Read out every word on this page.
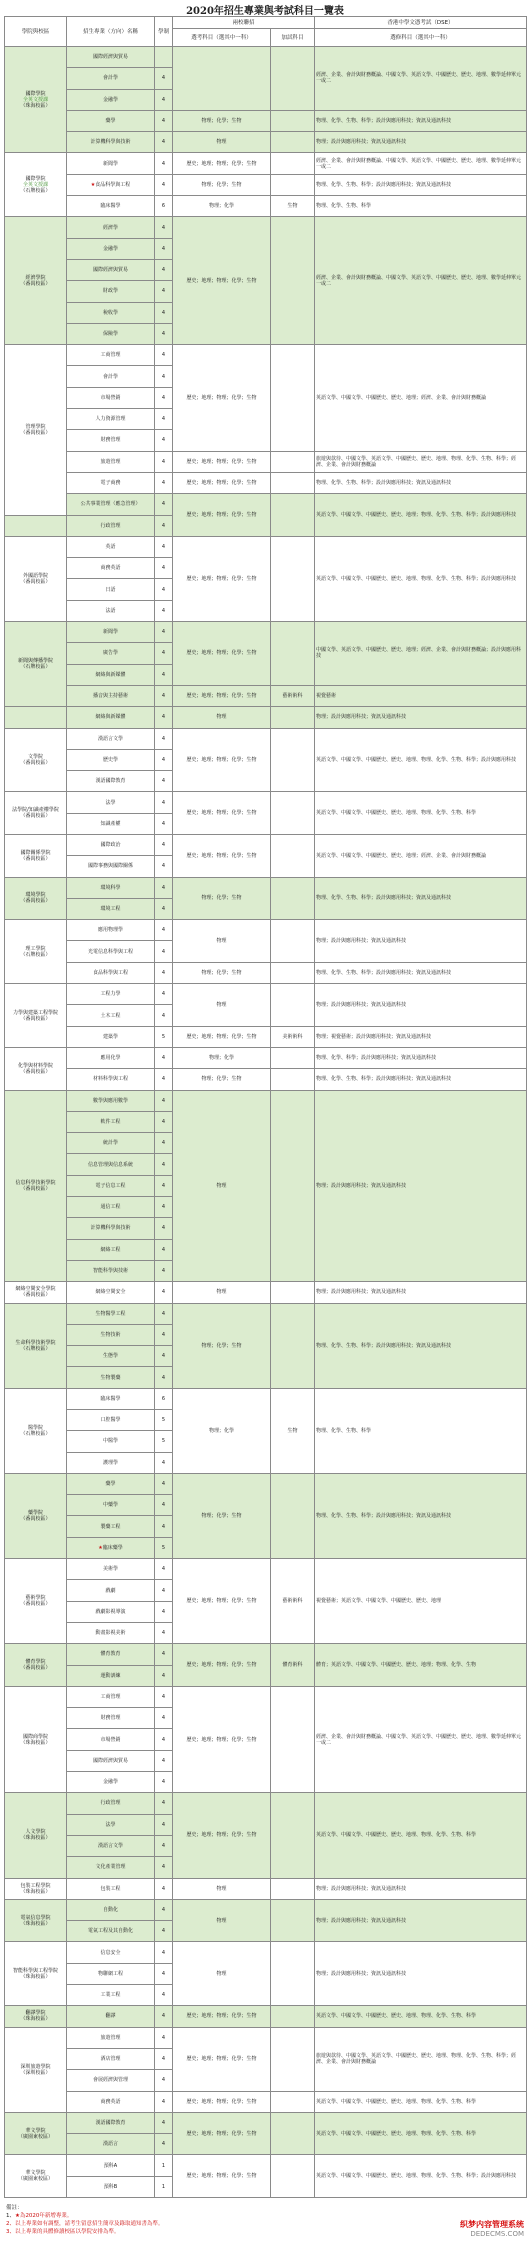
2020年招生專業與考試科目一覽表
學院與校區	招生專業（方向）名稱	學制	兩校聯招		香港中學文憑考試（DSE）
			選考科目（選其中一科）	加試科目	選修科目（選其中一科）
國際學院
全英文授課
（珠海校區）	國際經濟與貿易				經濟、企業、會計與財務概論、中國文學、英語文學、中國歷史、歷史、地理、數學延伸單元一或二
	會計學	4			
	金融學	4			
	藥學	4	物理；化學；生物		物理、化學、生物、科學；設計與應用科技；資訊及通訊科技
	計算機科學與技術	4	物理		物理；設計與應用科技；資訊及通訊科技
國際學院
全英文授課
（石牌校區）	新聞學	4	歷史；地理；物理；化學；生物		經濟、企業、會計與財務概論、中國文學、英語文學、中國歷史、歷史、地理、數學延伸單元一或二
	★食品科學與工程	4	物理；化學；生物		物理、化學、生物、科學；設計與應用科技；資訊及通訊科技
	臨床醫學	6	物理；化學	生物	物理、化學、生物、科學
經濟學院
（番禺校區）	經濟學	4	歷史；地理；物理；化學；生物		經濟、企業、會計與財務概論、中國文學、英語文學、中國歷史、歷史、地理、數學延伸單元一或二
	金融學	4			
	國際經濟與貿易	4			
	財政學	4			
	稅收學	4			
	保險學	4			
管理學院
（番禺校區）	工商管理	4	歷史；地理；物理；化學；生物		英語文學、中國文學、中國歷史、歷史、地理；經濟、企業、會計與財務概論
	會計學	4			
	市場營銷	4			
	人力資源管理	4			
	財務管理	4			
	旅遊管理	4	歷史；地理；物理；化學；生物		旅遊與款待、中國文學、英語文學、中國歷史、歷史、地理、物理、化學、生物、科學；經濟、企業、會計與財務概論
	電子商務	4	歷史；地理；物理；化學；生物		物理、化學、生物、科學；設計與應用科技；資訊及通訊科技
	公共事業管理（應急管理）	4	歷史；地理；物理；化學；生物		英語文學、中國文學、中國歷史、歷史、地理；物理、化學、生物、科學；設計與應用科技
	行政管理	4			
外國語學院
（番禺校區）	英語	4	歷史；地理；物理；化學；生物		英語文學、中國文學、中國歷史、歷史、地理、物理、化學、生物、科學；設計與應用科技
	商務英語	4			
	日語	4			
	法語	4			
新聞與傳播學院
（石牌校區）	新聞學	4	歷史；地理；物理；化學；生物		中國文學、英語文學、中國歷史、歷史、地理；經濟、企業、會計與財務概論；設計與應用科技
	廣告學	4			
	網絡與新媒體	4			
	播音與主持藝術	4	歷史；地理；物理；化學；生物	藝術術科	視覺藝術
	網絡與新媒體	4	物理		物理；設計與應用科技；資訊及通訊科技
文學院
（番禺校區）	漢語言文學	4	歷史；地理；物理；化學；生物		英語文學、中國文學、中國歷史、歷史、地理、物理、化學、生物、科學；設計與應用科技
	歷史學	4			
	漢語國際教育	4			
法學院/知識產權學院
（番禺校區）	法學	4	歷史；地理；物理；化學；生物		英語文學、中國文學、中國歷史、歷史、地理、物理、化學、生物、科學
	知識產權	4			
國際關係學院
（番禺校區）	國際政治	4	歷史；地理；物理；化學；生物		英語文學、中國文學、中國歷史、歷史、地理；經濟、企業、會計與財務概論
	國際事務與國際關係	4			
環境學院
（番禺校區）	環境科學	4	物理；化學；生物		物理、化學、生物、科學；設計與應用科技；資訊及通訊科技
	環境工程	4			
理工學院
（石牌校區）	應用物理學	4	物理		物理；設計與應用科技；資訊及通訊科技
	光電信息科學與工程	4			
	食品科學與工程	4	物理；化學；生物		物理、化學、生物、科學；設計與應用科技；資訊及通訊科技
力學與建築工程學院
（番禺校區）	工程力學	4	物理		物理；設計與應用科技；資訊及通訊科技
	土木工程	4			
	建築學	5	歷史；地理；物理；化學；生物	美術術科	物理；視覺藝術；設計與應用科技；資訊及通訊科技
化學與材料學院
（番禺校區）	應用化學	4	物理；化學		物理、化學、科學；設計與應用科技；資訊及通訊科技
	材料科學與工程	4	物理；化學；生物		物理、化學、生物、科學；設計與應用科技；資訊及通訊科技
信息科學技術學院
（番禺校區）	數學與應用數學	4	物理		物理；設計與應用科技；資訊及通訊科技
	軟件工程	4			
	統計學	4			
	信息管理與信息系統	4			
	電子信息工程	4			
	通信工程	4			
	計算機科學與技術	4			
	網絡工程	4			
	智能科學與技術	4			
網絡空間安全學院
（番禺校區）	網絡空間安全	4	物理		物理；設計與應用科技；資訊及通訊科技
生命科學技術學院
（石牌校區）	生物醫學工程	4	物理；化學；生物		物理、化學、生物、科學；設計與應用科技；資訊及通訊科技
	生物技術	4			
	生態學	4			
	生物製藥	4			
醫學院
（石牌校區）	臨床醫學	6	物理；化學	生物	物理、化學、生物、科學
	口腔醫學	5			
	中醫學	5			
	護理學	4			
藥學院
（番禺校區）	藥學	4	物理；化學；生物		物理、化學、生物、科學；設計與應用科技；資訊及通訊科技
	中藥學	4			
	製藥工程	4			
	★臨床藥學	5			
藝術學院
（番禺校區）	美術學	4	歷史；地理；物理；化學；生物	藝術術科	視覺藝術；英語文學、中國文學、中國歷史、歷史、地理
	戲劇	4			
	戲劇影視導演	4			
	動畫影視美術	4			
體育學院
（番禺校區）	體育教育	4	歷史；地理；物理；化學；生物	體育術科	體育；英語文學、中國文學、中國歷史、歷史、地理；物理、化學、生物
	運動訓練	4			
國際商學院
（珠海校區）	工商管理	4	歷史；地理；物理；化學；生物		經濟、企業、會計與財務概論、中國文學、英語文學、中國歷史、歷史、地理、數學延伸單元一或二
	財務管理	4			
	市場營銷	4			
	國際經濟與貿易	4			
	金融學	4			
人文學院
（珠海校區）	行政管理	4	歷史；地理；物理；化學；生物		英語文學、中國文學、中國歷史、歷史、地理、物理、化學、生物、科學
	法學	4			
	漢語言文學	4			
	文化產業管理	4			
包裝工程學院
（珠海校區）	包裝工程	4	物理		物理；設計與應用科技；資訊及通訊科技
電氣信息學院
（珠海校區）	自動化	4	物理		物理；設計與應用科技；資訊及通訊科技
	電氣工程及其自動化	4			
智能科學與工程學院
（珠海校區）	信息安全	4	物理		物理；設計與應用科技；資訊及通訊科技
	物聯網工程	4			
	工業工程	4			
翻譯學院
（珠海校區）	翻譯	4	歷史；地理；物理；化學；生物		英語文學、中國文學、中國歷史、歷史、地理、物理、化學、生物、科學
深圳旅遊學院
（深圳校區）	旅遊管理	4	歷史；地理；物理；化學；生物		旅遊與款待、中國文學、英語文學、中國歷史、歷史、地理、物理、化學、生物、科學；經濟、企業、會計與財務概論
	酒店管理	4			
	會展經濟與管理	4			
	商務英語	4	歷史；地理；物理；化學；生物		英語文學、中國文學、中國歷史、歷史、地理、物理、化學、生物、科學
華文學院
（廣園東校區）	漢語國際教育	4	歷史；地理；物理；化學；生物		英語文學、中國文學、中國歷史、歷史、地理、物理、化學、生物、科學
	漢語言	4			
華文學院
（廣園東校區）	預科A	1	歷史；地理；物理；化學；生物		英語文學、中國文學、中國歷史、歷史、地理、物理、化學、生物、科學；設計與應用科技
	預科B	1			
備註：
1、★為2020年新增專業。
2、以上專業如有調整，請考生留意招生簡章及錄取通知書為準。
3、以上專業的具體修讀校區以學院安排為準。
织梦内容管理系统
DEDECMS.COM
